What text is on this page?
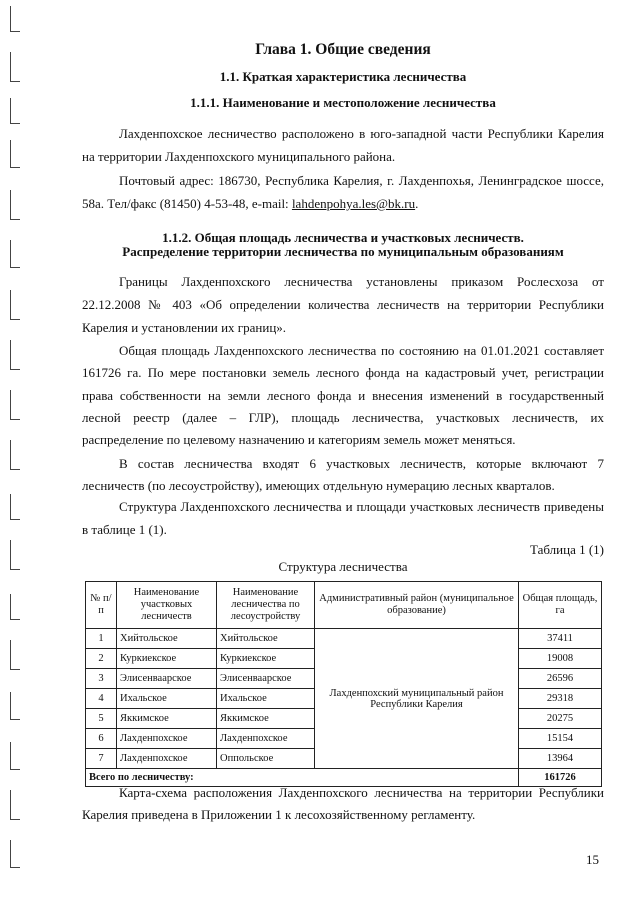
Глава 1. Общие сведения
1.1. Краткая характеристика лесничества
1.1.1. Наименование и местоположение лесничества
Лахденпохское лесничество расположено в юго-западной части Республики Карелия
на территории Лахденпохского муниципального района.
Почтовый адрес: 186730, Республика Карелия, г. Лахденпохья, Ленинградское шоссе,
58а. Тел/факс (81450) 4-53-48, e-mail: lahdenpohya.les@bk.ru.
1.1.2. Общая площадь лесничества и участковых лесничеств.
Распределение территории лесничества по муниципальным образованиям
Границы Лахденпохского лесничества установлены приказом Рослесхоза от
22.12.2008 № 403 «Об определении количества лесничеств на территории Республики
Карелия и установлении их границ».
Общая площадь Лахденпохского лесничества по состоянию на 01.01.2021 составляет
161726 га. По мере постановки земель лесного фонда на кадастровый учет, регистрации
права собственности на земли лесного фонда и внесения изменений в государственный
лесной реестр (далее – ГЛР), площадь лесничества, участковых лесничеств, их
распределение по целевому назначению и категориям земель может меняться.
В состав лесничества входят 6 участковых лесничеств, которые включают 7
лесничеств (по лесоустройству), имеющих отдельную нумерацию лесных кварталов.
Структура Лахденпохского лесничества и площади участковых лесничеств приведены
в таблице 1 (1).
Таблица 1 (1)
Структура лесничества
№ п/п	Наименование участковых лесничеств	Наименование лесничества по лесоустройству	Административный район (муниципальное образование)	Общая площадь, га
1	Хийтольское	Хийтольское	Лахденпохский муниципальный район Республики Карелия	37411
2	Куркиекское	Куркиекское		19008
3	Элисенваарское	Элисенваарское		26596
4	Ихальское	Ихальское		29318
5	Яккимское	Яккимское		20275
6	Лахденпохское	Лахденпохское		15154
7	Лахденпохское	Оппольское		13964
Всего по лесничеству:				161726
Карта-схема расположения Лахденпохского лесничества на территории Республики
Карелия приведена в Приложении 1 к лесохозяйственному регламенту.
15
